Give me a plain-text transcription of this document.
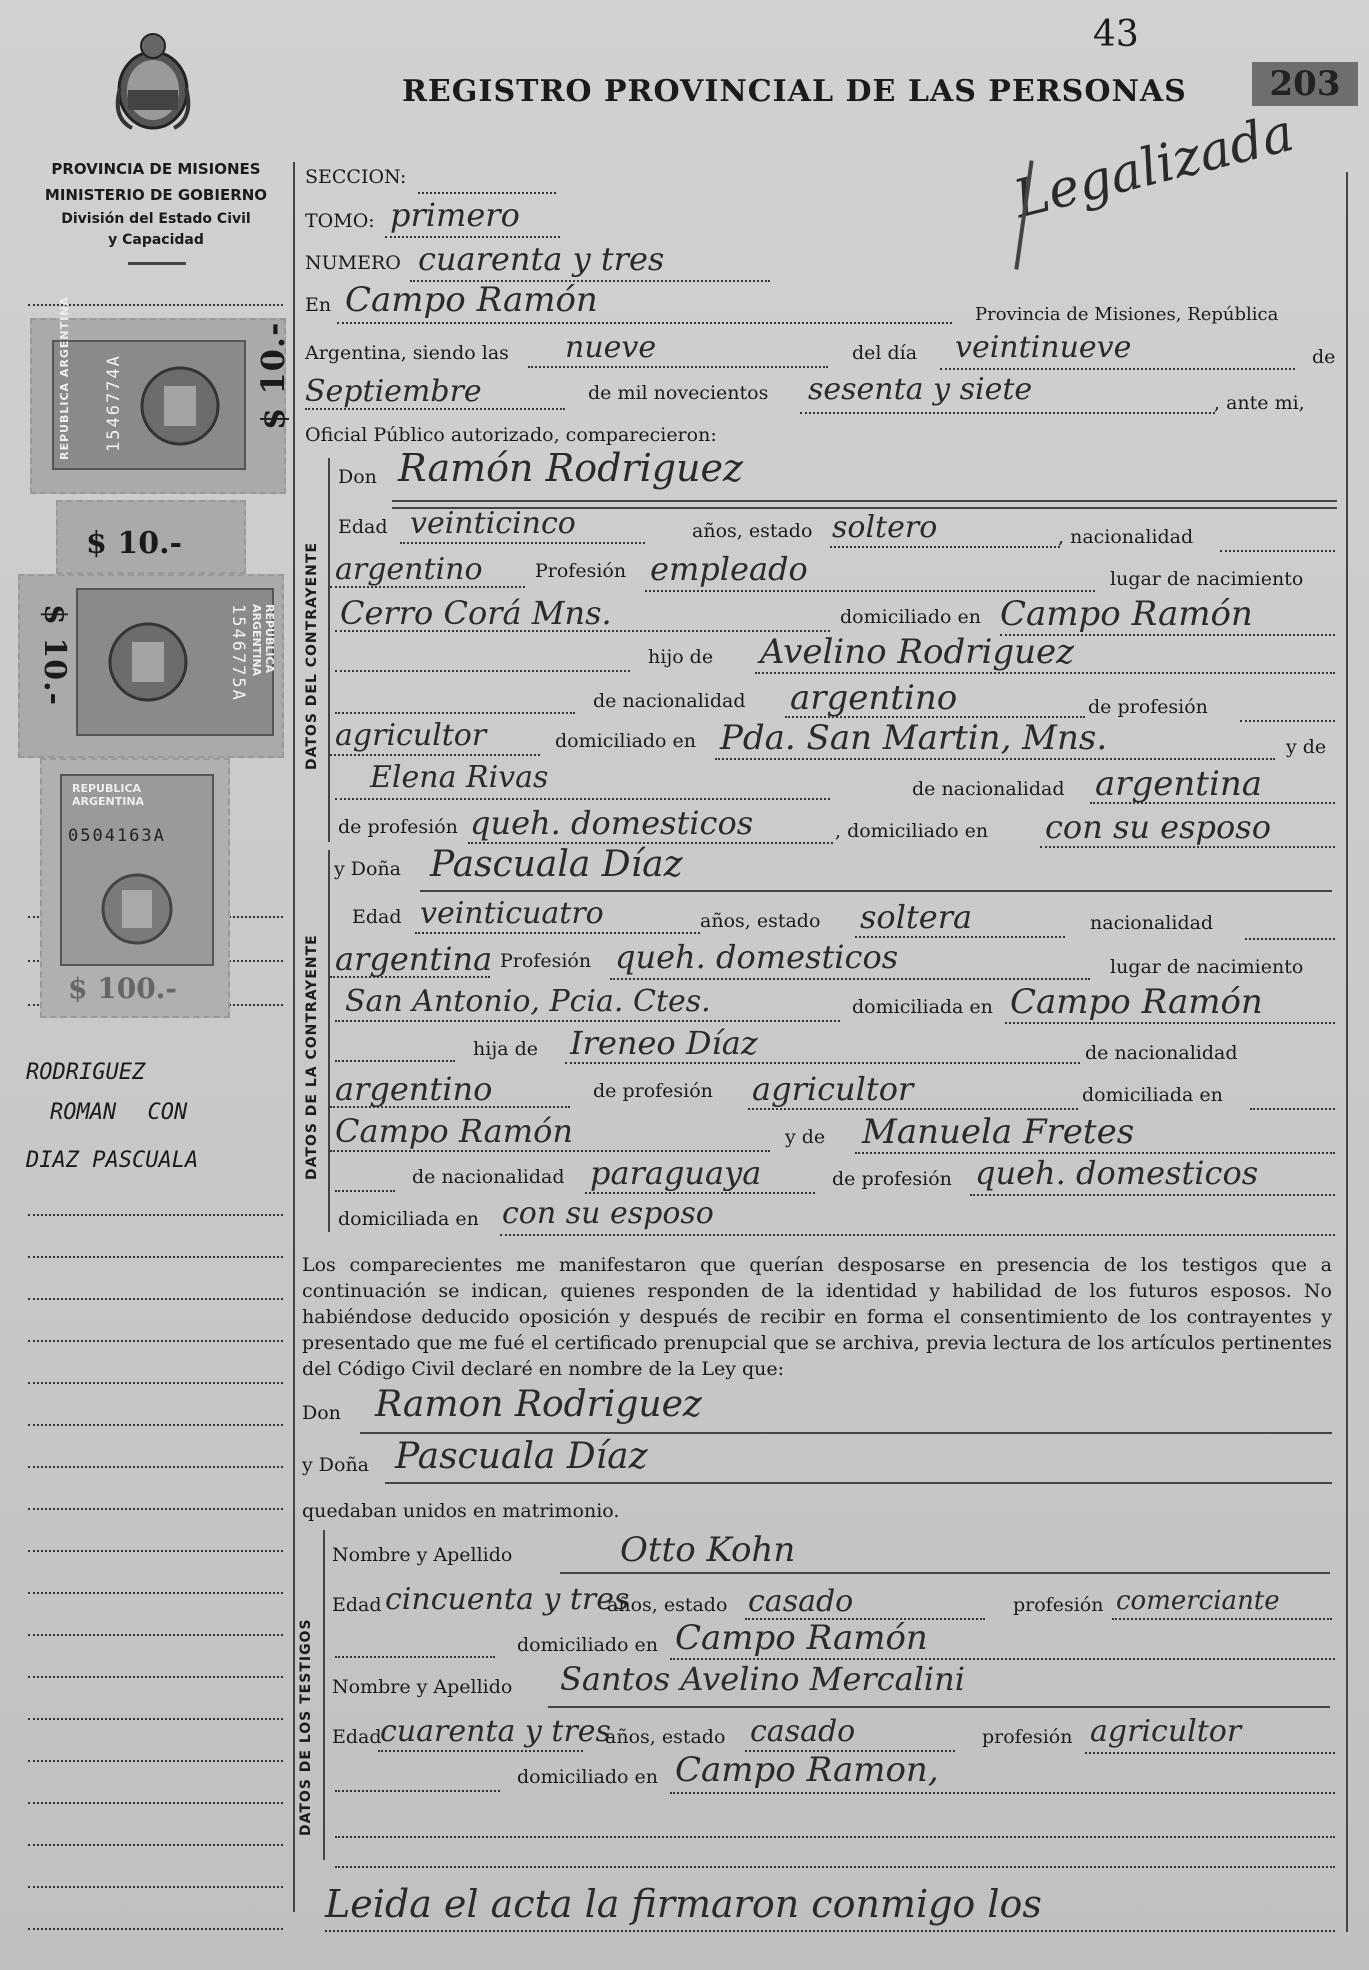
43
203
REGISTRO PROVINCIAL DE LAS PERSONAS
PROVINCIA DE MISIONES
MINISTERIO DE GOBIERNO
División del Estado Civil
y Capacidad
Legalizada
SECCION:
TOMO: primero
NUMERO cuarenta y tres
En Campo Ramón	Provincia de Misiones, República
Argentina, siendo las nueve	del día veintinueve	de
Septiembre	de mil novecientos sesenta y siete	, ante mi,
Oficial Público autorizado, comparecieron:
DATOS DEL CONTRAYENTE
Don Ramón Rodriguez
Edad veinticinco	años, estado soltero	, nacionalidad
argentino	Profesión empleado	lugar de nacimiento
Cerro Corá Mns.	domiciliado en Campo Ramón
hijo de Avelino Rodriguez
de nacionalidad argentino	de profesión
agricultor	domiciliado en Pda. San Martin, Mns.	y de
Elena Rivas	de nacionalidad argentina
de profesión queh. domesticos	, domiciliado en con su esposo
DATOS DE LA CONTRAYENTE
y Doña Pascuala Díaz
Edad veinticuatro	años, estado soltera	nacionalidad
argentina Profesión queh. domesticos	lugar de nacimiento
San Antonio, Pcia. Ctes.	domiciliada en Campo Ramón
hija de Ireneo Díaz	de nacionalidad
argentino	de profesión agricultor	domiciliada en
Campo Ramón	y de Manuela Fretes
de nacionalidad paraguaya	de profesión queh. domesticos
domiciliada en con su esposo
Los comparecientes me manifestaron que querían desposarse en presencia de los testigos que a continuación se indican, quienes responden de la identidad y habilidad de los futuros esposos. No habiéndose deducido oposición y después de recibir en forma el consentimiento de los contrayentes y presentado que me fué el certificado prenupcial que se archiva, previa lectura de los artículos pertinentes del Código Civil declaré en nombre de la Ley que:
Don Ramon Rodriguez
y Doña Pascuala Díaz
quedaban unidos en matrimonio.
DATOS DE LOS TESTIGOS
Nombre y Apellido	Otto Kohn
Edad cincuenta y tres
años, estado casado	profesión comerciante
domiciliado en Campo Ramón
Nombre y Apellido Santos Avelino Mercalini
Edad
cuarenta y tres
años, estado casado	profesión agricultor
domiciliado en Campo Ramon,
Leida el acta la firmaron conmigo los
RODRIGUEZ
ROMAN CON
DIAZ PASCUALA
REPUBLICA ARGENTINA 1546774A	$ 10.-
$ 10.-
$ 10.-	1546775A	REPUBLICA ARGENTINA
REPUBLICA ARGENTINA
0504163A
$ 100.-
